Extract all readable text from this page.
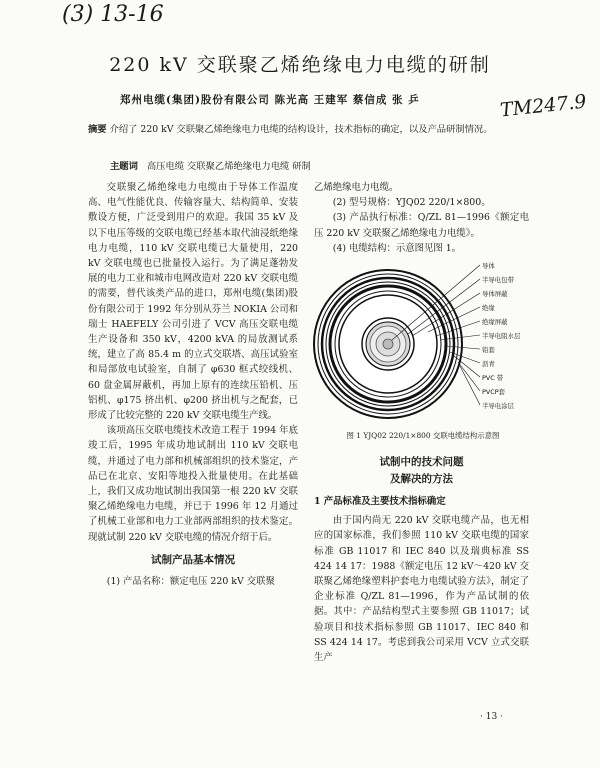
(3) 13-16
TM247.9
220 kV 交联聚乙烯绝缘电力电缆的研制
郑州电缆(集团)股份有限公司 陈光高 王建军 蔡信成 张 乒
摘要 介绍了 220 kV 交联聚乙烯绝缘电力电缆的结构设计，技术指标的确定，以及产品研制情况。
主题词 高压电缆 交联聚乙烯绝缘电力电缆 研制

交联聚乙烯绝缘电力电缆由于导体工作温度高、电气性能优良、传输容量大、结构简单、安装敷设方便，广泛受到用户的欢迎。我国 35 kV 及以下电压等级的交联电缆已经基本取代油浸纸绝缘电力电缆，110 kV 交联电缆已大量使用，220 kV 交联电缆也已批量投入运行。为了满足蓬勃发展的电力工业和城市电网改造对 220 kV 交联电缆的需要，替代该类产品的进口，郑州电缆(集团)股份有限公司于 1992 年分别从芬兰 NOKIA 公司和瑞士 HAEFELY 公司引进了 VCV 高压交联电缆生产设备和 350 kV，4200 kVA 的局放测试系统，建立了高 85.4 m 的立式交联塔、高压试验室和局部放电试验室，自制了 φ630 框式绞线机、60 盘金属屏蔽机，再加上原有的连续压铅机、压铝机、φ175 挤出机、φ200 挤出机与之配套，已形成了比较完整的 220 kV 交联电缆生产线。

该项高压交联电缆技术改造工程于 1994 年底竣工后，1995 年成功地试制出 110 kV 交联电缆，并通过了电力部和机械部组织的技术鉴定，产品已在北京、安阳等地投入批量使用。在此基础上，我们又成功地试制出我国第一根 220 kV 交联聚乙烯绝缘电力电缆，并已于 1996 年 12 月通过了机械工业部和电力工业部两部组织的技术鉴定。现就试制 220 kV 交联电缆的情况介绍于后。

试制产品基本情况

(1) 产品名称：额定电压 220 kV 交联聚

乙烯绝缘电力电缆。

(2) 型号规格：YJQ02 220/1×800。

(3) 产品执行标准：Q/ZL 81—1996《额定电压 220 kV 交联聚乙烯绝缘电力电缆》。

(4) 电缆结构：示意图见图 1。

导体
半导电包带
导体屏蔽
绝缘
绝缘屏蔽
半导电阻水层
铅套
沥青
PVC 带
PVCP套
半导电涂层
图 1 YJQ02 220/1×800 交联电缆结构示意图

试制中的技术问题
及解决的方法

1 产品标准及主要技术指标确定

由于国内尚无 220 kV 交联电缆产品，也无相应的国家标准，我们参照 110 kV 交联电缆的国家标准 GB 11017 和 IEC 840 以及瑞典标准 SS 424 14 17：1988《额定电压 12 kV～420 kV 交联聚乙烯绝缘塑料护套电力电缆试验方法》，制定了企业标准 Q/ZL 81—1996，作为产品试制的依据。其中：产品结构型式主要参照 GB 11017；试验项目和技术指标参照 GB 11017、IEC 840 和 SS 424 14 17。考虑到我公司采用 VCV 立式交联生产

· 13 ·
